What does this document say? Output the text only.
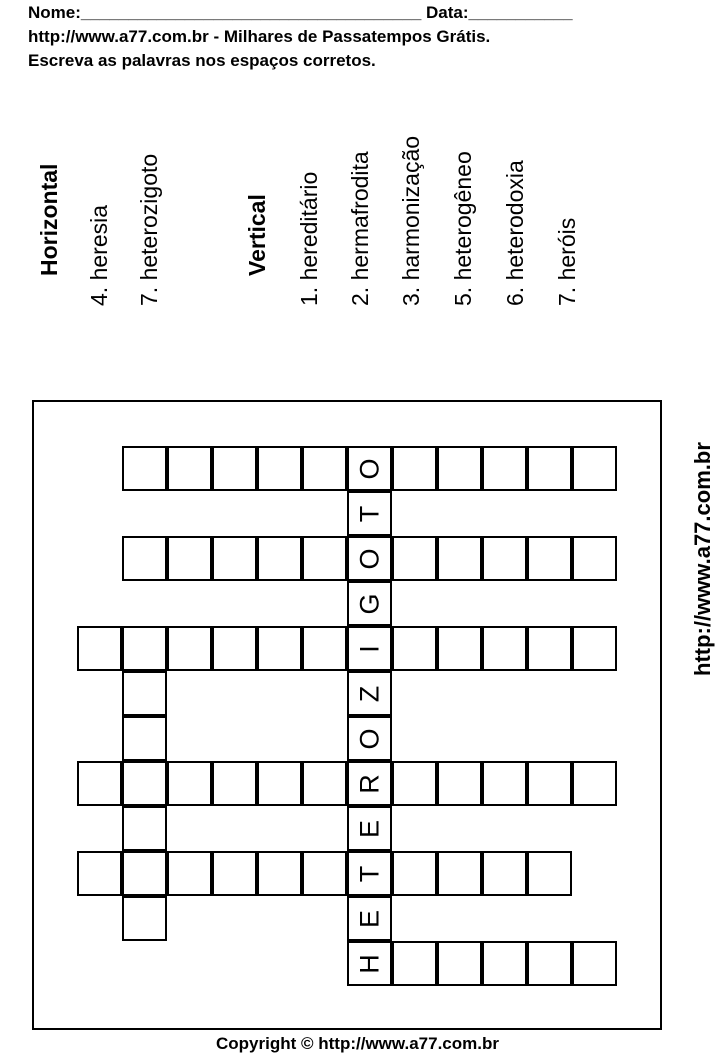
Nome:____________________________________ Data:___________
http://www.a77.com.br - Milhares de Passatempos Grátis.
Escreva as palavras nos espaços corretos.
Horizontal 4. heresia 7. heterozigoto	Vertical 1. hereditário 2. hermafrodita 3. harmonização 5. heterogêneo 6. heterodoxia 7. heróis
O
O
I
R
T
H
T
G
Z
O
E
E
http://www.a77.com.br
Copyright © http://www.a77.com.br
